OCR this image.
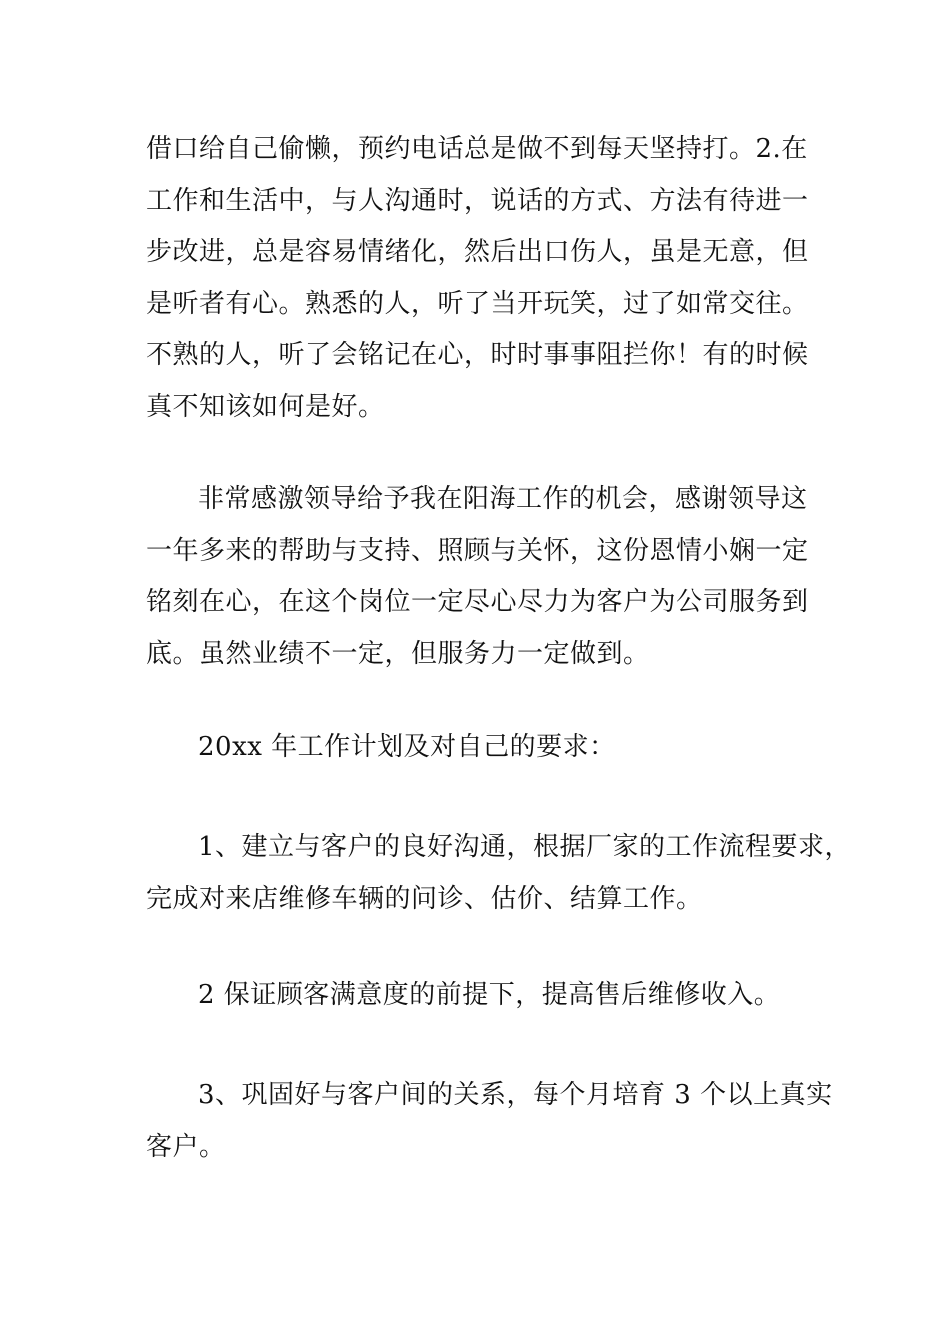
借口给自己偷懒，预约电话总是做不到每天坚持打。2.在
工作和生活中，与人沟通时，说话的方式、方法有待进一
步改进，总是容易情绪化，然后出口伤人，虽是无意，但
是听者有心。熟悉的人，听了当开玩笑，过了如常交往。
不熟的人，听了会铭记在心，时时事事阻拦你！有的时候
真不知该如何是好。

非常感激领导给予我在阳海工作的机会，感谢领导这
一年多来的帮助与支持、照顾与关怀，这份恩情小娴一定
铭刻在心，在这个岗位一定尽心尽力为客户为公司服务到
底。虽然业绩不一定，但服务力一定做到。

20xx 年工作计划及对自己的要求：

1、建立与客户的良好沟通，根据厂家的工作流程要求，
完成对来店维修车辆的问诊、估价、结算工作。

2 保证顾客满意度的前提下，提高售后维修收入。

3、巩固好与客户间的关系，每个月培育 3 个以上真实
客户。
